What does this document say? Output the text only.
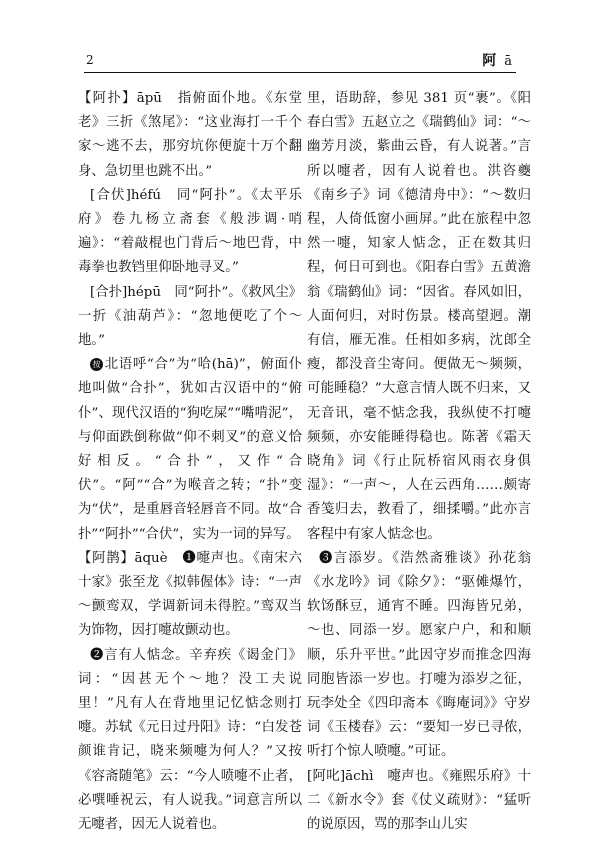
2	阿 ā

【阿扑】āpū　指俯面仆地。《东堂老》三折《煞尾》：“这业海打一千个家～逃不去，那穷坑你便旋十万个翻身、急切里也跳不出。”

[合伏]héfú　同“阿扑”。《太平乐府》卷九杨立斋套《般涉调·哨遍》：“着敲棍也门背后～地巴背，中毒拳也教铛里仰卧地寻叉。”

[合扑]hépū　同“阿扑”。《救风尘》一折《油葫芦》：“忽地便吃了个～地。”

按 北语呼“合”为“哈(hā)”，俯面仆地叫做“合扑”，犹如古汉语中的“俯仆”、现代汉语的“狗吃屎”“嘴啃泥”，与仰面跌倒称做“仰不刺叉”的意义恰好相反。“合扑”，又作“合伏”。“阿”“合”为喉音之转；“扑”变为“伏”，是重唇音轻唇音不同。故“合扑”“阿扑”“合伏”，实为一词的异写。

【阿鹊】āquè　❶嚏声也。《南宋六十家》张至龙《拟韩偓体》诗：“一声～颤鸾双，学调新词未得腔。”鸾双当为饰物，因打嚏故颤动也。

❷言有人惦念。辛弃疾《谒金门》词：“因甚无个～地？没工夫说里！”凡有人在背地里记忆惦念则打嚏。苏轼《元日过丹阳》诗：“白发苍颜谁肯记，晓来频嚏为何人？”又按《容斋随笔》云：“今人喷嚏不止者，必噀唾祝云，有人说我。”词意言所以无嚏者，因无人说着也。

里，语助辞，参见 381 页“裹”。《阳春白雪》五赵立之《瑞鹤仙》词：“～幽芳月淡，紫曲云昏，有人说著。”言所以嚏者，因有人说着也。洪咨夔《南乡子》词《德清舟中》：“～数归程，人倚低窗小画屏。”此在旅程中忽然一嚏，知家人惦念，正在数其归程，何日可到也。《阳春白雪》五黄澹翁《瑞鹤仙》词：“因省。春风如旧，人面何归，对时伤景。楼高望迥。潮有信，雁无准。任相如多病，沈郎全瘦，都没音尘寄问。便做无～频频，可能睡稳？”大意言情人既不归来，又无音讯，毫不惦念我，我纵使不打嚏频频，亦安能睡得稳也。陈著《霜天晓角》词《行止阮桥宿风雨衣身俱湿》：“一声～，人在云西角……颇寄香笺归去，教看了，细揉嚼。”此亦言客程中有家人惦念也。

❸言添岁。《浩然斋雅谈》孙花翁《水龙吟》词《除夕》：“驱傩爆竹，软饧酥豆，通宵不睡。四海皆兄弟，～也、同添一岁。愿家户户，和和顺顺，乐升平世。”此因守岁而推念四海同胞皆添一岁也。打嚏为添岁之征，玩李处全《四印斋本《晦庵词》》守岁词《玉楼春》云：“要知一岁已寻侬，听打个惊人喷嚏。”可证。

[阿叱]āchì　嚏声也。《雍熙乐府》十二《新水令》套《仗义疏财》：“猛听的说原因，骂的那李山儿实
